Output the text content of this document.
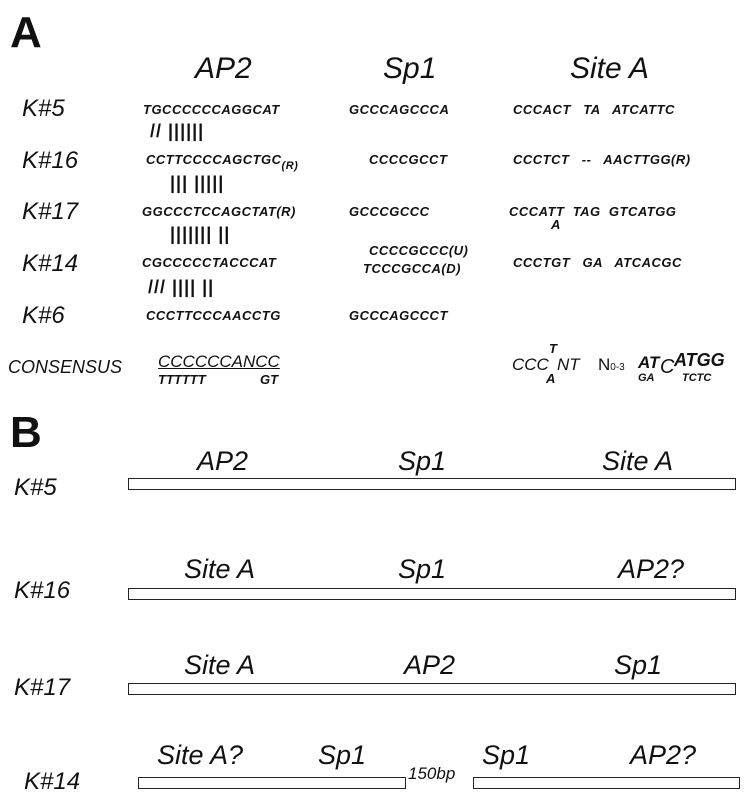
A
AP2	Sp1	Site A
K#5	TGCCCCCCAGGCAT	GCCCAGCCCA	CCCACT   TA   ATCATTC
// ||||||
K#16	$CCTTCCCCAGCTGC_{(R)}$	CCCCGCCT	CCCTCT   --   AACTTGG(R)
||| |||||
K#17	GGCCCTCCAGCTAT(R)	GCCCGCCC	CCCATT  TAG  GTCATGG
A
||||||| ||
K#14	CGCCCCCTACCCAT
CCCCGCCC(U)
TCCCGCCA(D)	CCCTGT   GA   ATCACGC
/// |||| ||
K#6	CCCTTCCCAACCTG	GCCCAGCCCT
CONSENSUS CCCCCCANCC
TTTTTT	GT
CCC
T
A
NT N0-3 AT C ATGG
GA	TCTC
B
K#5
AP2	Sp1	Site A
K#16
Site A	Sp1	AP2?
K#17
Site A	AP2	Sp1
K#14	150bp
Site A?	Sp1	Sp1	AP2?
